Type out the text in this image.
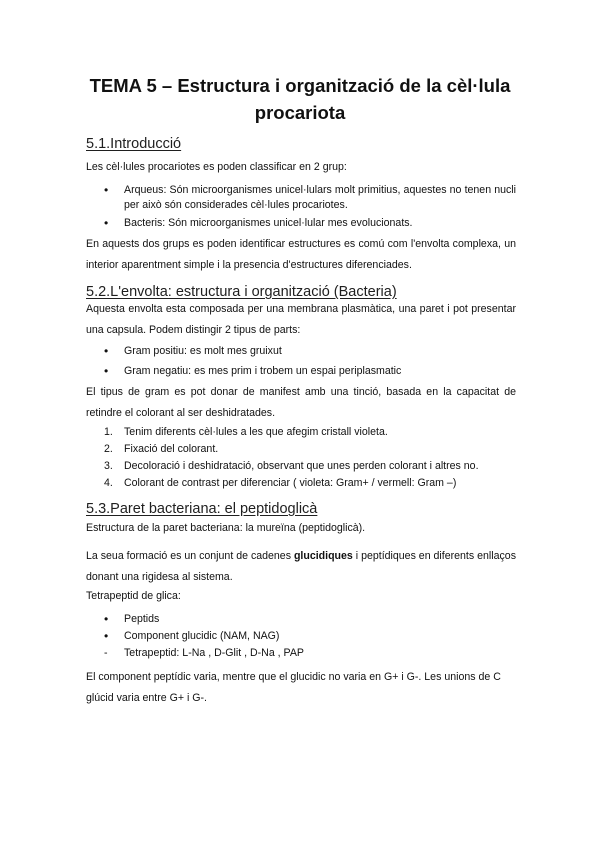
TEMA 5 – Estructura i organització de la cèl·lula procariota
5.1.Introducció
Les cèl·lules procariotes es poden classificar en 2 grup:
• Arqueus: Són microorganismes unicel·lulars molt primitius, aquestes no tenen nucli per això són considerades cèl·lules procariotes.
• Bacteris: Són microorganismes unicel·lular mes evolucionats.
En aquests dos grups es poden identificar estructures es comú com l'envolta complexa, un interior aparentment simple i la presencia d'estructures diferenciades.
5.2.L'envolta: estructura i organització (Bacteria)
Aquesta envolta esta composada per una membrana plasmàtica, una paret i pot presentar una capsula. Podem distingir 2 tipus de parts:
• Gram positiu: es molt mes gruixut
• Gram negatiu: es mes prim i trobem un espai periplasmatic
El tipus de gram es pot donar de manifest amb una tinció, basada en la capacitat de retindre el colorant al ser deshidratades.
1. Tenim diferents cèl·lules a les que afegim cristall violeta.
2. Fixació del colorant.
3. Decoloració i deshidratació, observant que unes perden colorant i altres no.
4. Colorant de contrast per diferenciar ( violeta: Gram+ / vermell: Gram –)
5.3.Paret bacteriana: el peptidoglicà
Estructura de la paret bacteriana: la mureïna (peptidoglicà).
La seua formació es un conjunt de cadenes glucidiques i peptídiques en diferents enllaços donant una rigidesa al sistema.
Tetrapeptid de glica:
• Peptids
• Component glucidic (NAM, NAG)
- Tetrapeptid: L-Na , D-Glit , D-Na , PAP
El component peptídic varia, mentre que el glucidic no varia en G+ i G-. Les unions de C glúcid varia entre G+ i G-.
